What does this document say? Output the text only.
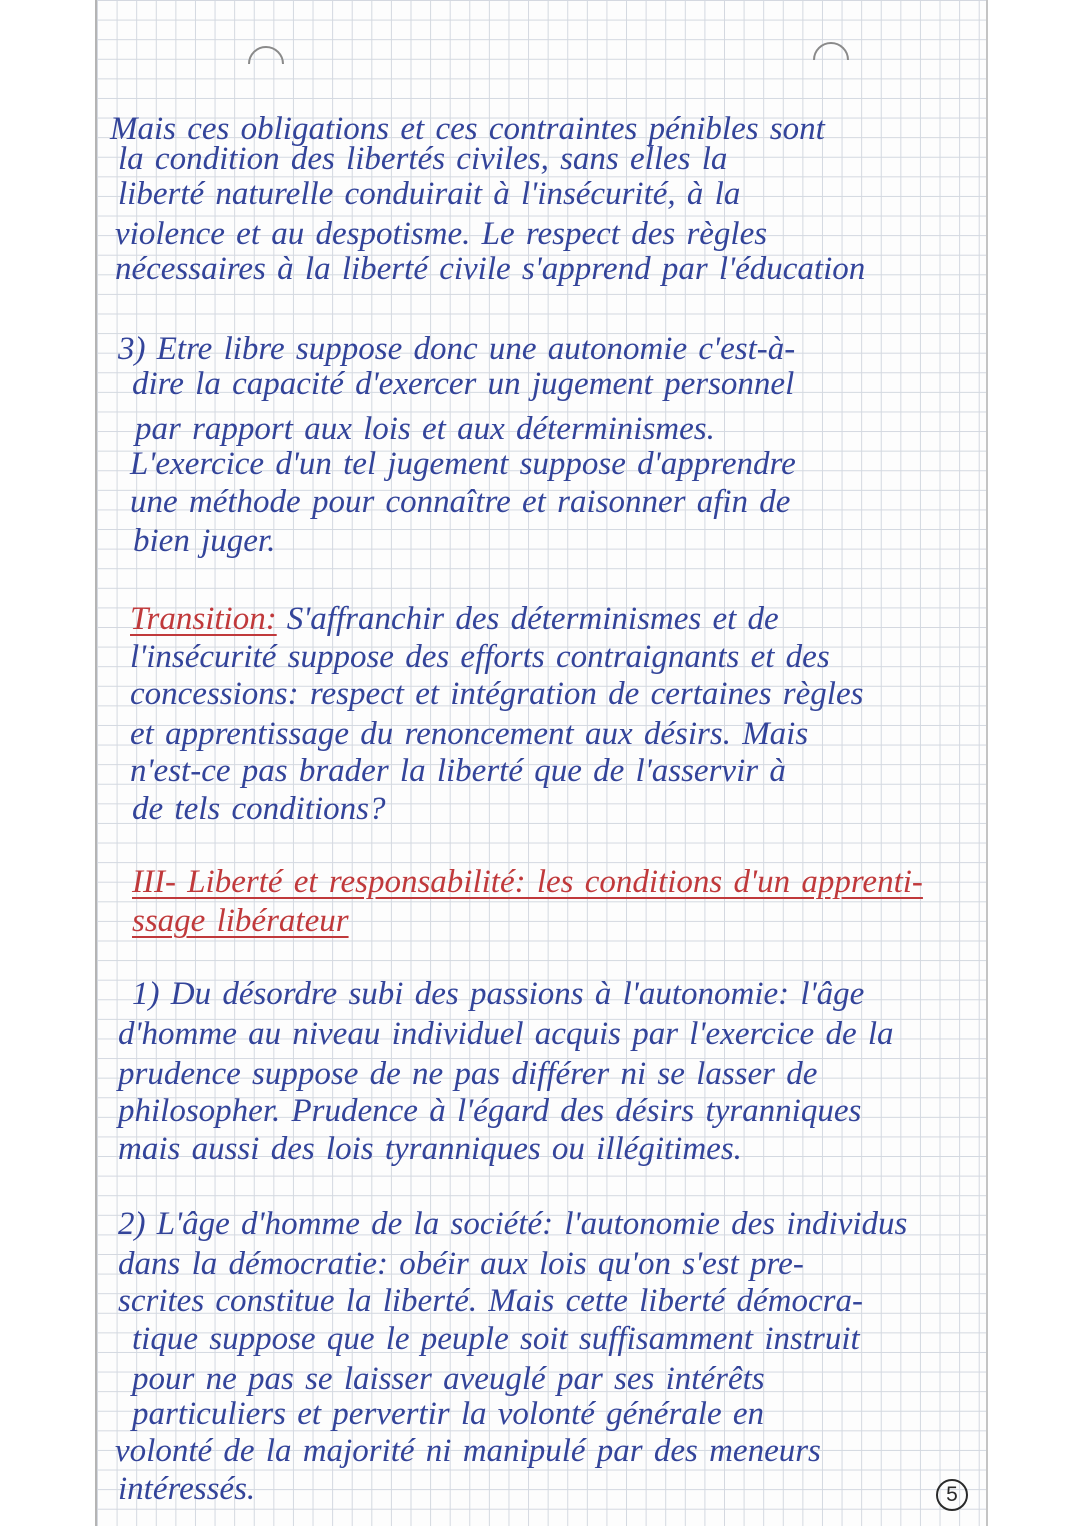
Mais ces obligations et ces contraintes pénibles sont
la condition des libertés civiles, sans elles la
liberté naturelle conduirait à l'insécurité, à la
violence et au despotisme. Le respect des règles
nécessaires à la liberté civile s'apprend par l'éducation
3) Etre libre suppose donc une autonomie c'est-à-
dire la capacité d'exercer un jugement personnel
par rapport aux lois et aux déterminismes.
L'exercice d'un tel jugement suppose d'apprendre
une méthode pour connaître et raisonner afin de
bien juger.
Transition: S'affranchir des déterminismes et de
l'insécurité suppose des efforts contraignants et des
concessions: respect et intégration de certaines règles
et apprentissage du renoncement aux désirs. Mais
n'est-ce pas brader la liberté que de l'asservir à
de tels conditions?
III- Liberté et responsabilité: les conditions d'un apprenti-
ssage libérateur
1) Du désordre subi des passions à l'autonomie: l'âge
d'homme au niveau individuel acquis par l'exercice de la
prudence suppose de ne pas différer ni se lasser de
philosopher. Prudence à l'égard des désirs tyranniques
mais aussi des lois tyranniques ou illégitimes.
2) L'âge d'homme de la société: l'autonomie des individus
dans la démocratie: obéir aux lois qu'on s'est pre-
scrites constitue la liberté. Mais cette liberté démocra-
tique suppose que le peuple soit suffisamment instruit
pour ne pas se laisser aveuglé par ses intérêts
particuliers et pervertir la volonté générale en
volonté de la majorité ni manipulé par des meneurs
intéressés.	5
